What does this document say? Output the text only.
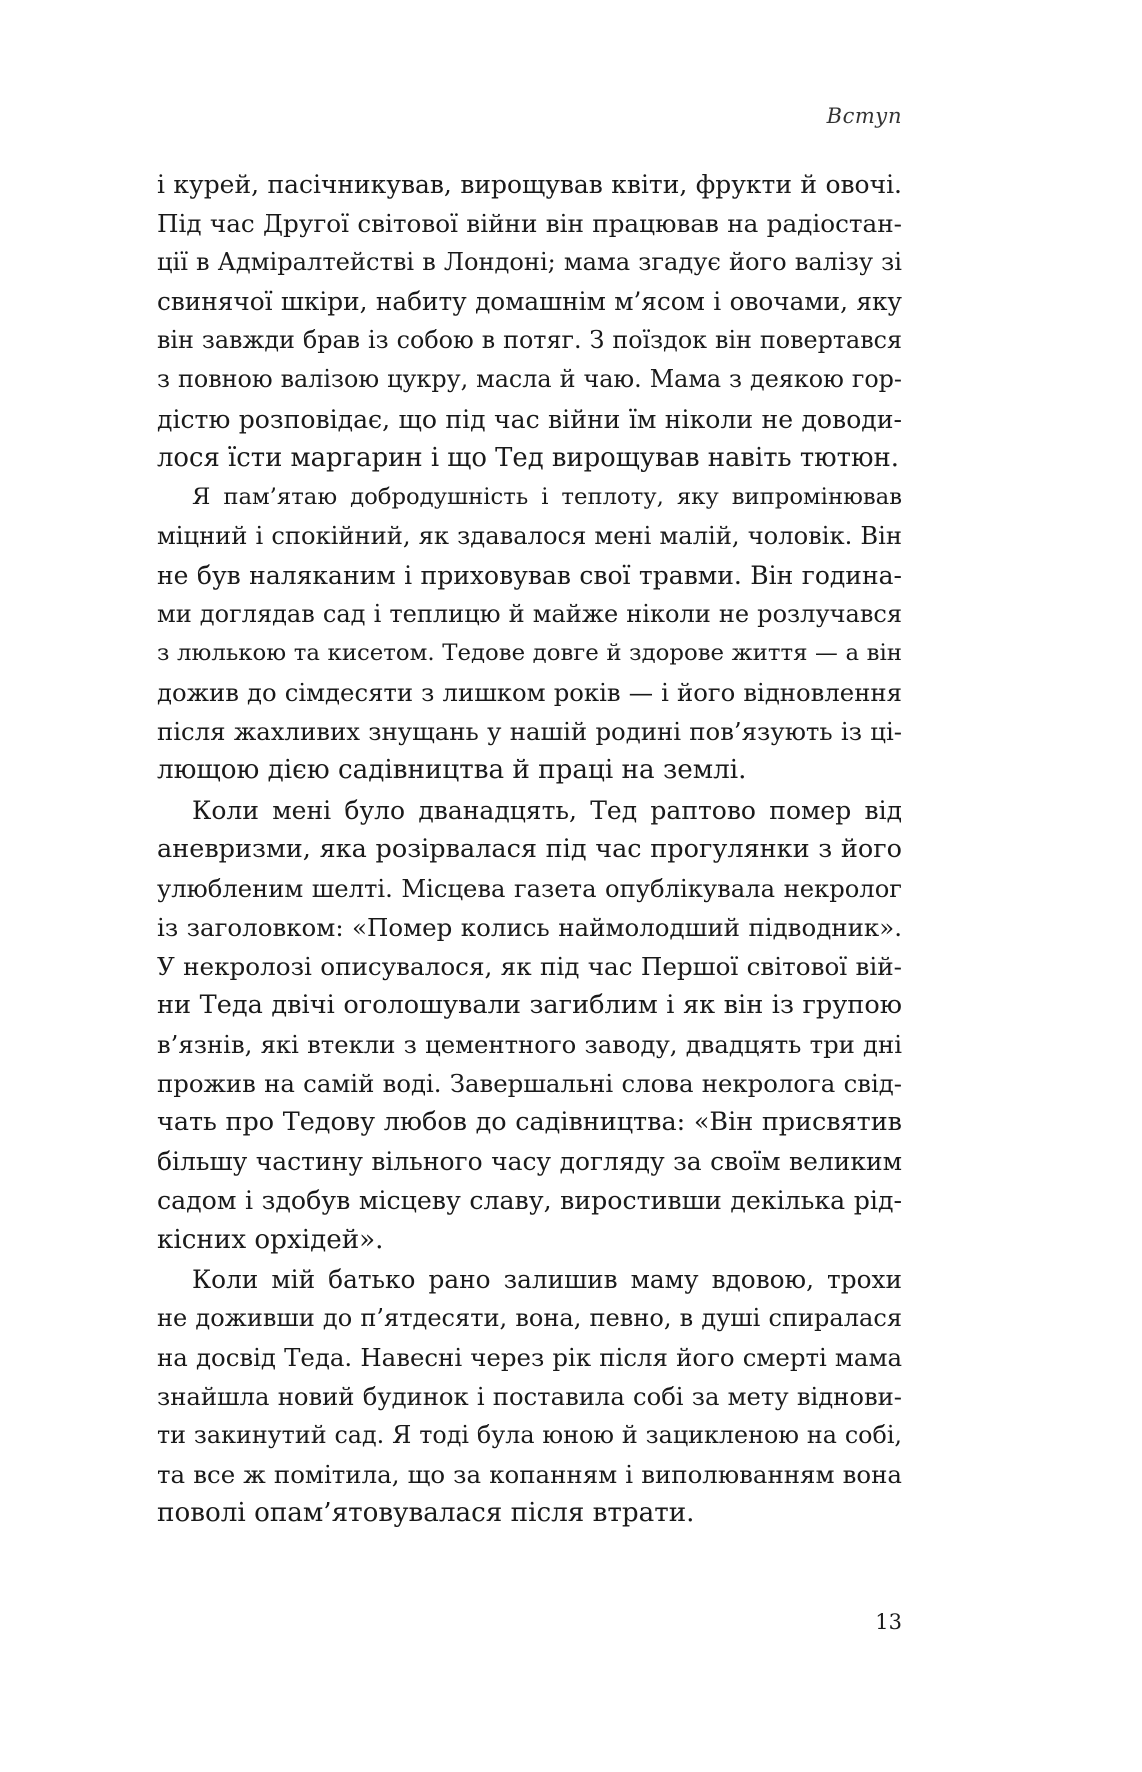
Вступ

і курей, пасічникував, вирощував квіти, фрукти й овочі.
Під час Другої світової війни він працював на радіостан-
ції в Адміралтействі в Лондоні; мама згадує його валізу зі
свинячої шкіри, набиту домашнім м’ясом і овочами, яку
він завжди брав із собою в потяг. З поїздок він повертався
з повною валізою цукру, масла й чаю. Мама з деякою гор-
дістю розповідає, що під час війни їм ніколи не доводи-
лося їсти маргарин і що Тед вирощував навіть тютюн.

Я пам’ятаю добродушність і теплоту, яку випромінював
міцний і спокійний, як здавалося мені малій, чоловік. Він
не був наляканим і приховував свої травми. Він година-
ми доглядав сад і теплицю й майже ніколи не розлучався
з люлькою та кисетом. Тедове довге й здорове життя — а він
дожив до сімдесяти з лишком років — і його відновлення
після жахливих знущань у нашій родині пов’язують із ці-
лющою дією садівництва й праці на землі.

Коли мені було дванадцять, Тед раптово помер від
аневризми, яка розірвалася під час прогулянки з його
улюбленим шелті. Місцева газета опублікувала некролог
із заголовком: «Помер колись наймолодший підводник».
У некролозі описувалося, як під час Першої світової вій-
ни Теда двічі оголошували загиблим і як він із групою
в’язнів, які втекли з цементного заводу, двадцять три дні
прожив на самій воді. Завершальні слова некролога свід-
чать про Тедову любов до садівництва: «Він присвятив
більшу частину вільного часу догляду за своїм великим
садом і здобув місцеву славу, виростивши декілька рід-
кісних орхідей».

Коли мій батько рано залишив маму вдовою, трохи
не доживши до п’ятдесяти, вона, певно, в душі спиралася
на досвід Теда. Навесні через рік після його смерті мама
знайшла новий будинок і поставила собі за мету віднови-
ти закинутий сад. Я тоді була юною й зацикленою на собі,
та все ж помітила, що за копанням і виполюванням вона
поволі опам’ятовувалася після втрати.

13
